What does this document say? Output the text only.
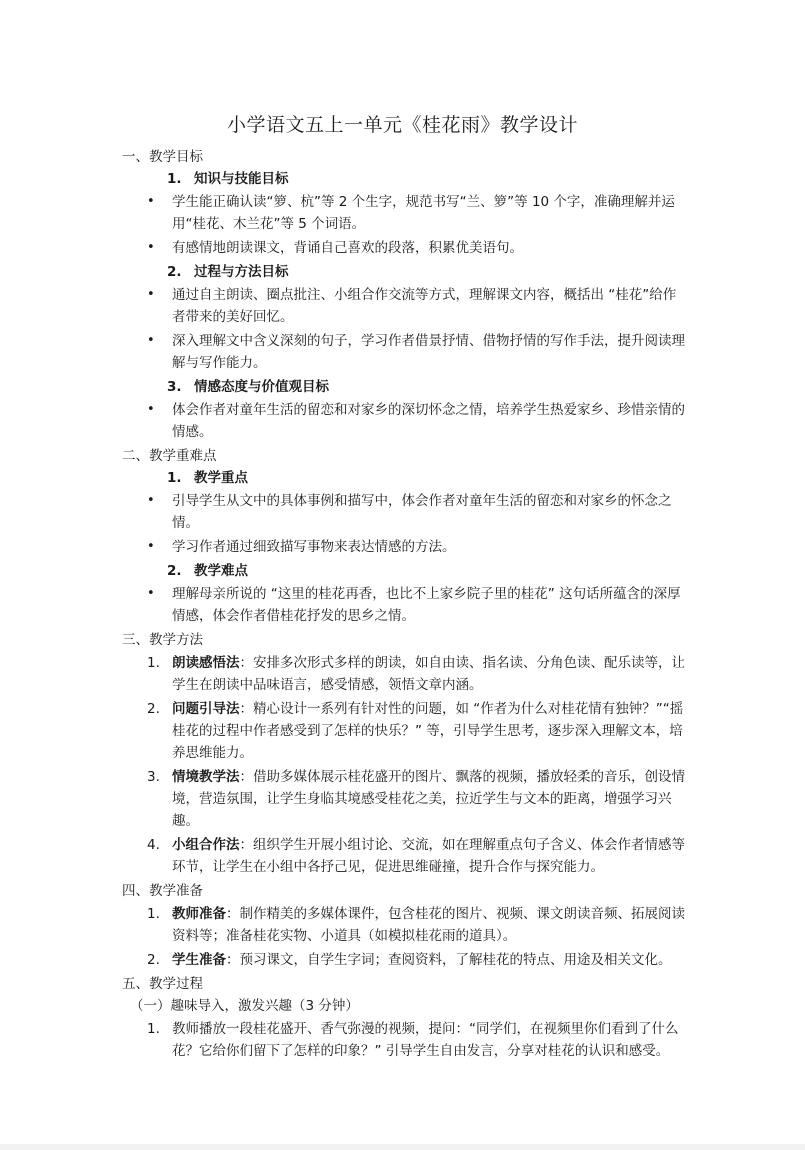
小学语文五上一单元《桂花雨》教学设计
一、教学目标
1. 知识与技能目标
• 学生能正确认读“箩、杭”等 2 个生字，规范书写“兰、箩”等 10 个字，准确理解并运用“桂花、木兰花”等 5 个词语。
• 有感情地朗读课文，背诵自己喜欢的段落，积累优美语句。
2. 过程与方法目标
• 通过自主朗读、圈点批注、小组合作交流等方式，理解课文内容，概括出 “桂花”给作者带来的美好回忆。
• 深入理解文中含义深刻的句子，学习作者借景抒情、借物抒情的写作手法，提升阅读理解与写作能力。
3. 情感态度与价值观目标
• 体会作者对童年生活的留恋和对家乡的深切怀念之情，培养学生热爱家乡、珍惜亲情的情感。
二、教学重难点
1. 教学重点
• 引导学生从文中的具体事例和描写中，体会作者对童年生活的留恋和对家乡的怀念之情。
• 学习作者通过细致描写事物来表达情感的方法。
2. 教学难点
• 理解母亲所说的 “这里的桂花再香，也比不上家乡院子里的桂花” 这句话所蕴含的深厚情感，体会作者借桂花抒发的思乡之情。
三、教学方法
1. 朗读感悟法：安排多次形式多样的朗读，如自由读、指名读、分角色读、配乐读等，让学生在朗读中品味语言，感受情感，领悟文章内涵。
2. 问题引导法：精心设计一系列有针对性的问题，如 “作者为什么对桂花情有独钟？”“摇桂花的过程中作者感受到了怎样的快乐？” 等，引导学生思考，逐步深入理解文本，培养思维能力。
3. 情境教学法：借助多媒体展示桂花盛开的图片、飘落的视频，播放轻柔的音乐，创设情境，营造氛围，让学生身临其境感受桂花之美，拉近学生与文本的距离，增强学习兴趣。
4. 小组合作法：组织学生开展小组讨论、交流，如在理解重点句子含义、体会作者情感等环节，让学生在小组中各抒己见，促进思维碰撞，提升合作与探究能力。
四、教学准备
1. 教师准备：制作精美的多媒体课件，包含桂花的图片、视频、课文朗读音频、拓展阅读资料等；准备桂花实物、小道具（如模拟桂花雨的道具）。
2. 学生准备：预习课文，自学生字词；查阅资料，了解桂花的特点、用途及相关文化。
五、教学过程
（一）趣味导入，激发兴趣（3 分钟）
1. 教师播放一段桂花盛开、香气弥漫的视频，提问：“同学们，在视频里你们看到了什么花？它给你们留下了怎样的印象？” 引导学生自由发言，分享对桂花的认识和感受。
